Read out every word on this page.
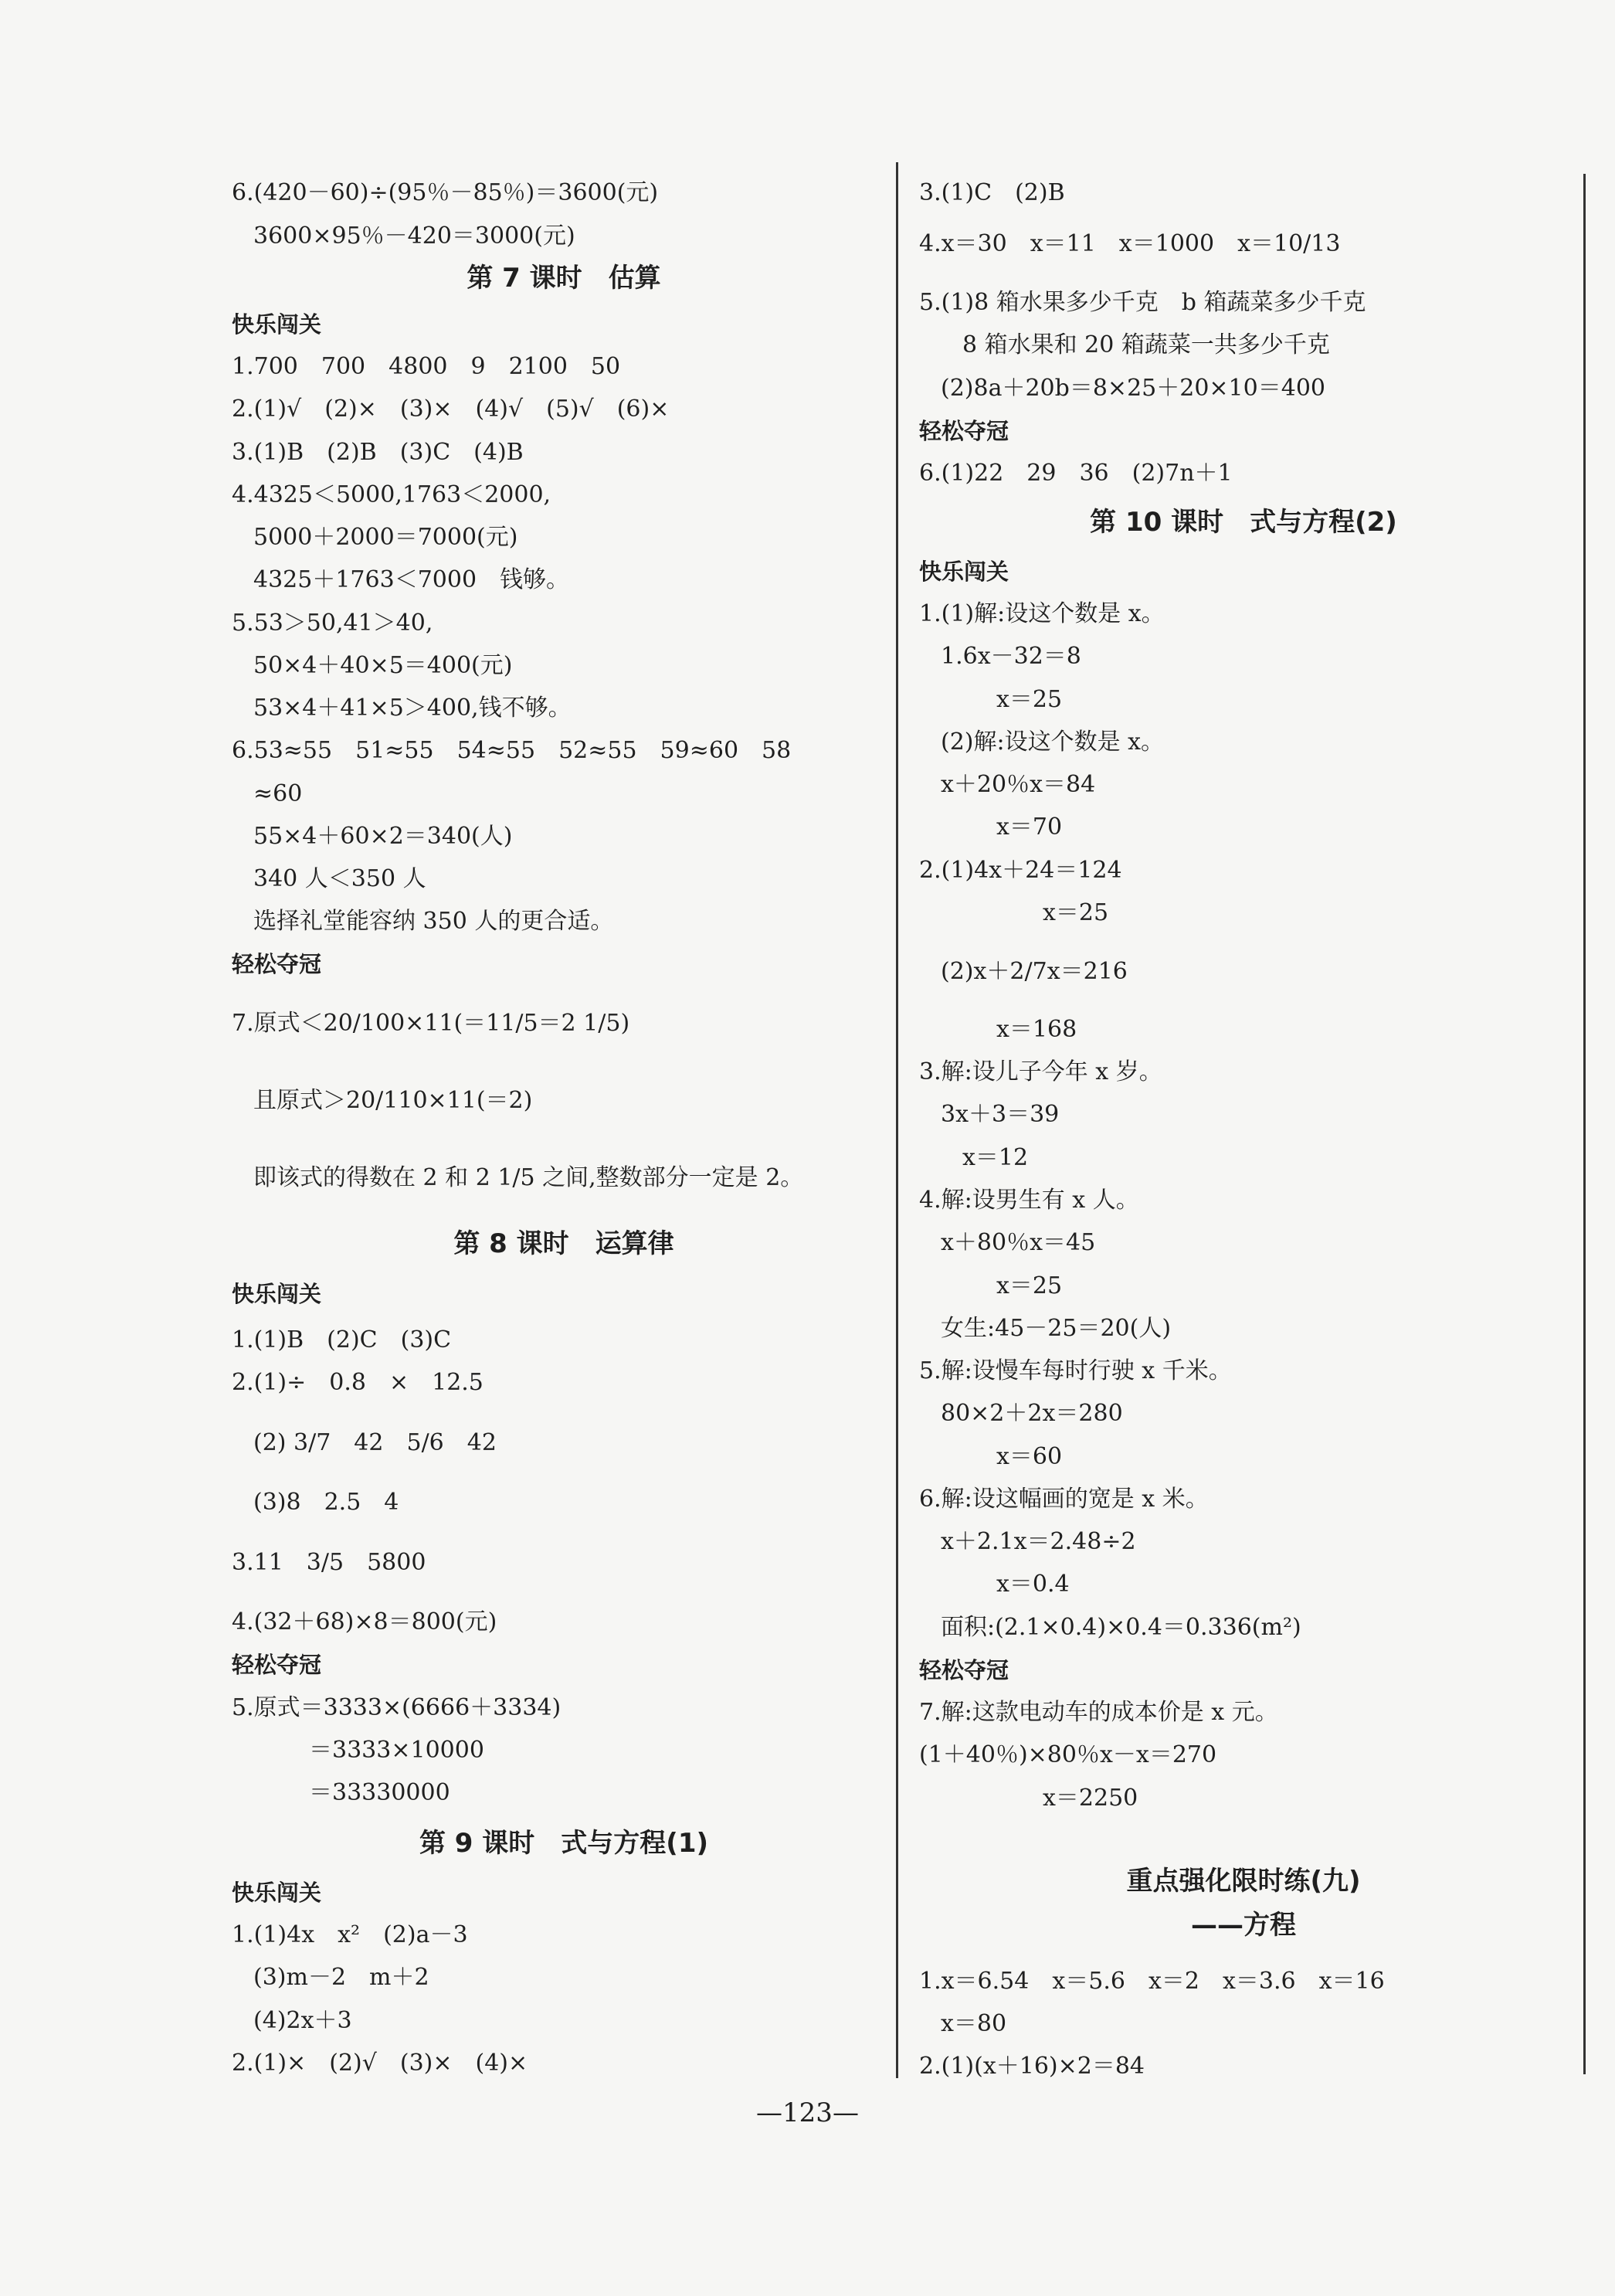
6.(420－60)÷(95％－85％)＝3600(元)
3600×95％－420＝3000(元)
第 7 课时　估算
快乐闯关
1.700　700　4800　9　2100　50
2.(1)√　(2)×　(3)×　(4)√　(5)√　(6)×
3.(1)B　(2)B　(3)C　(4)B
4.4325＜5000,1763＜2000,
5000＋2000＝7000(元)
4325＋1763＜7000　钱够。
5.53＞50,41＞40,
50×4＋40×5＝400(元)
53×4＋41×5＞400,钱不够。
6.53≈55　51≈55　54≈55　52≈55　59≈60　58
≈60
55×4＋60×2＝340(人)
340 人＜350 人
选择礼堂能容纳 350 人的更合适。
轻松夺冠
7.原式＜20/100×11(＝11/5＝2 1/5)
且原式＞20/110×11(＝2)
即该式的得数在 2 和 2 1/5 之间,整数部分一定是 2。
第 8 课时　运算律
快乐闯关
1.(1)B　(2)C　(3)C
2.(1)÷　0.8　×　12.5
(2) 3/7　42　5/6　42
(3)8　2.5　4
3.11　3/5　5800
4.(32＋68)×8＝800(元)
轻松夺冠
5.原式＝3333×(6666＋3334)
＝3333×10000
＝33330000
第 9 课时　式与方程(1)
快乐闯关
1.(1)4x　x²　(2)a－3
(3)m－2　m＋2
(4)2x＋3
2.(1)×　(2)√　(3)×　(4)×
3.(1)C　(2)B
4.x＝30　x＝11　x＝1000　x＝10/13
5.(1)8 箱水果多少千克　b 箱蔬菜多少千克
8 箱水果和 20 箱蔬菜一共多少千克
(2)8a＋20b＝8×25＋20×10＝400
轻松夺冠
6.(1)22　29　36　(2)7n＋1
第 10 课时　式与方程(2)
快乐闯关
1.(1)解:设这个数是 x。
1.6x－32＝8
x＝25
(2)解:设这个数是 x。
x＋20％x＝84
x＝70
2.(1)4x＋24＝124
x＝25
(2)x＋2/7x＝216
x＝168
3.解:设儿子今年 x 岁。
3x＋3＝39
x＝12
4.解:设男生有 x 人。
x＋80％x＝45
x＝25
女生:45－25＝20(人)
5.解:设慢车每时行驶 x 千米。
80×2＋2x＝280
x＝60
6.解:设这幅画的宽是 x 米。
x＋2.1x＝2.48÷2
x＝0.4
面积:(2.1×0.4)×0.4＝0.336(m²)
轻松夺冠
7.解:这款电动车的成本价是 x 元。
(1＋40％)×80％x－x＝270
x＝2250
重点强化限时练(九)
——方程
1.x＝6.54　x＝5.6　x＝2　x＝3.6　x＝16
x＝80
2.(1)(x＋16)×2＝84
—123—
